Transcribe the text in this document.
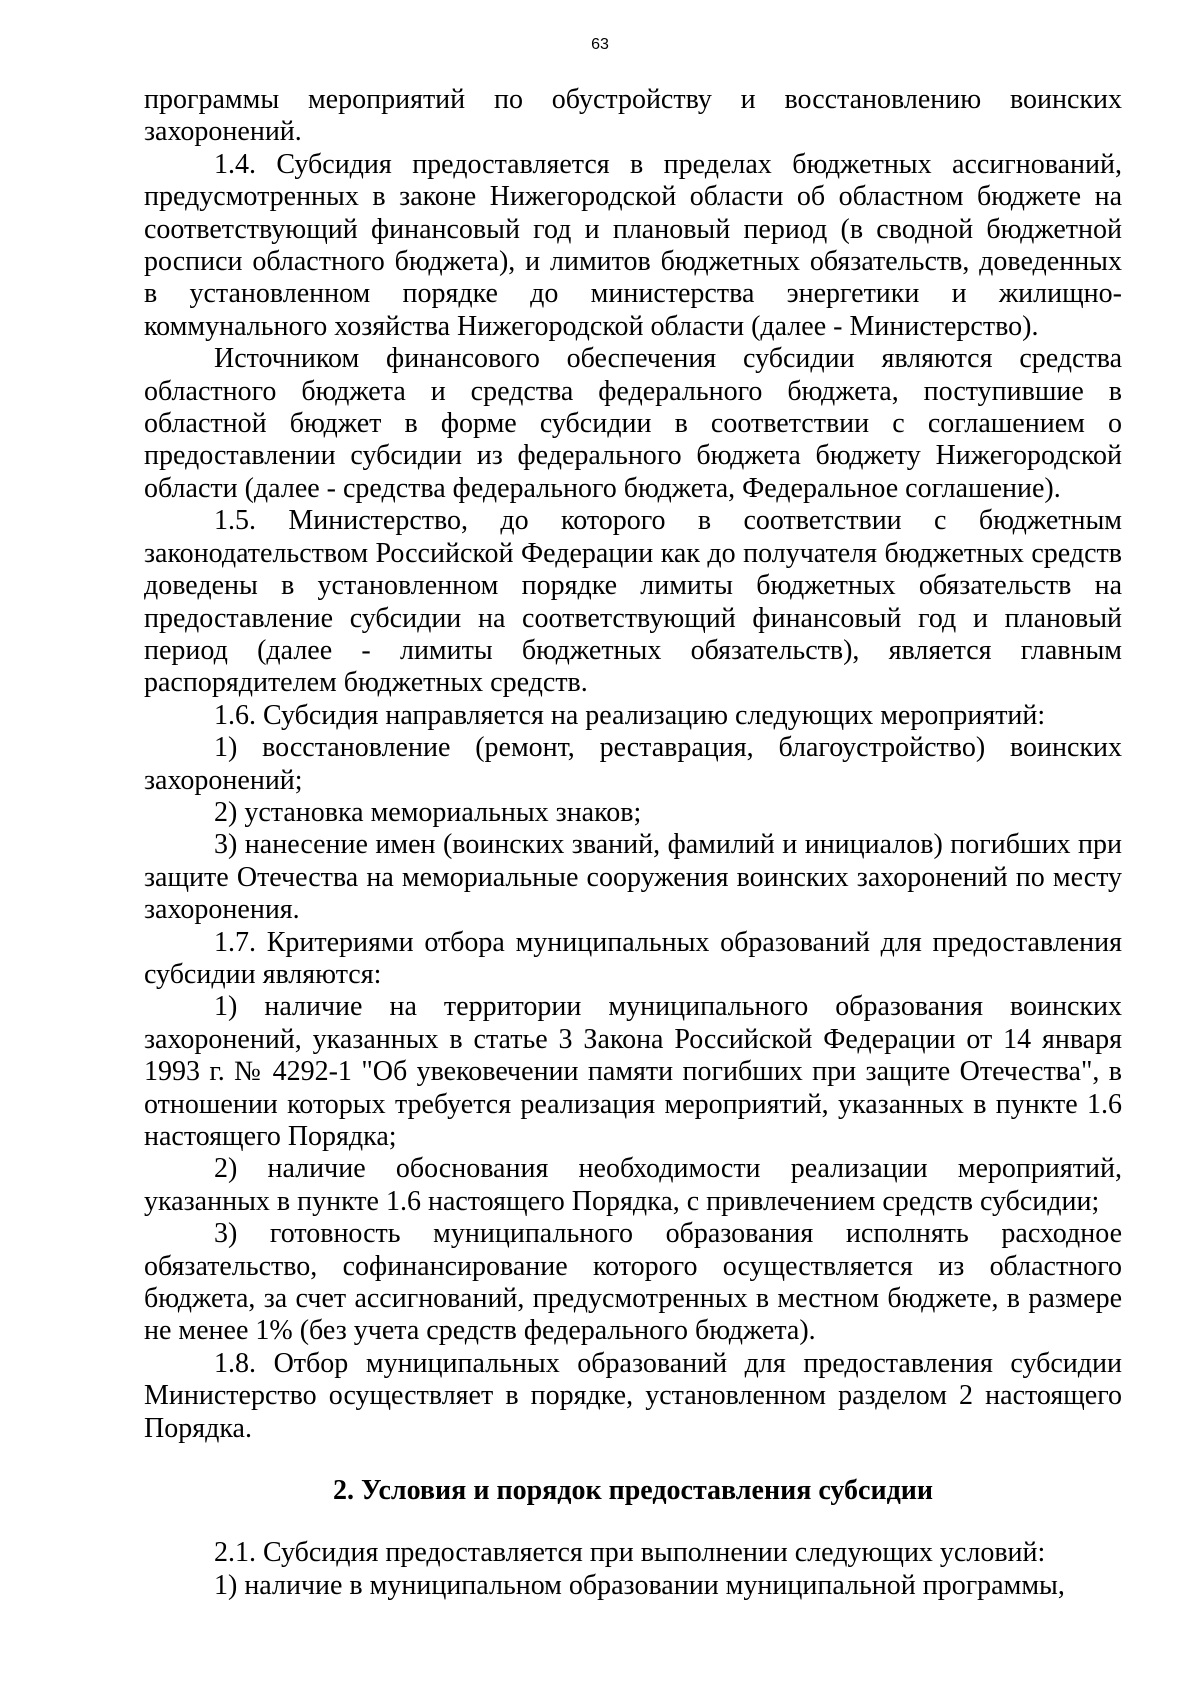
63

программы мероприятий по обустройству и восстановлению воинских захоронений.

1.4. Субсидия предоставляется в пределах бюджетных ассигнований, предусмотренных в законе Нижегородской области об областном бюджете на соответствующий финансовый год и плановый период (в сводной бюджетной росписи областного бюджета), и лимитов бюджетных обязательств, доведенных в установленном порядке до министерства энергетики и жилищно-коммунального хозяйства Нижегородской области (далее - Министерство).

Источником финансового обеспечения субсидии являются средства областного бюджета и средства федерального бюджета, поступившие в областной бюджет в форме субсидии в соответствии с соглашением о предоставлении субсидии из федерального бюджета бюджету Нижегородской области (далее - средства федерального бюджета, Федеральное соглашение).

1.5. Министерство, до которого в соответствии с бюджетным законодательством Российской Федерации как до получателя бюджетных средств доведены в установленном порядке лимиты бюджетных обязательств на предоставление субсидии на соответствующий финансовый год и плановый период (далее - лимиты бюджетных обязательств), является главным распорядителем бюджетных средств.

1.6. Субсидия направляется на реализацию следующих мероприятий:

1) восстановление (ремонт, реставрация, благоустройство) воинских захоронений;

2) установка мемориальных знаков;

3) нанесение имен (воинских званий, фамилий и инициалов) погибших при защите Отечества на мемориальные сооружения воинских захоронений по месту захоронения.

1.7. Критериями отбора муниципальных образований для предоставления субсидии являются:

1) наличие на территории муниципального образования воинских захоронений, указанных в статье 3 Закона Российской Федерации от 14 января 1993 г. № 4292-1 "Об увековечении памяти погибших при защите Отечества", в отношении которых требуется реализация мероприятий, указанных в пункте 1.6 настоящего Порядка;

2) наличие обоснования необходимости реализации мероприятий, указанных в пункте 1.6 настоящего Порядка, с привлечением средств субсидии;

3) готовность муниципального образования исполнять расходное обязательство, софинансирование которого осуществляется из областного бюджета, за счет ассигнований, предусмотренных в местном бюджете, в размере не менее 1% (без учета средств федерального бюджета).

1.8. Отбор муниципальных образований для предоставления субсидии Министерство осуществляет в порядке, установленном разделом 2 настоящего Порядка.

2. Условия и порядок предоставления субсидии

2.1. Субсидия предоставляется при выполнении следующих условий:

1) наличие в муниципальном образовании муниципальной программы,
